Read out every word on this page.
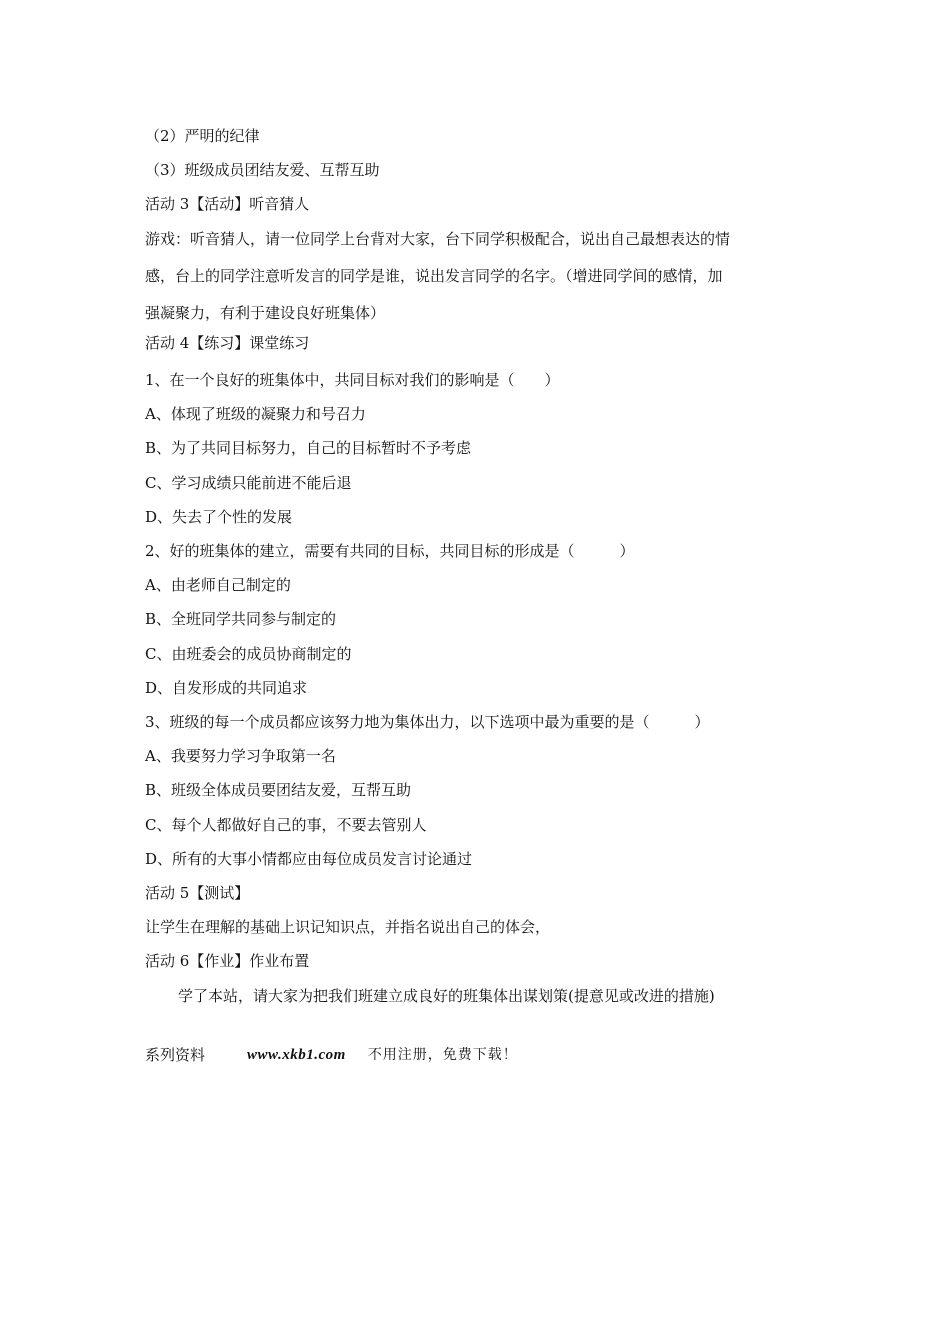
（2）严明的纪律
（3）班级成员团结友爱、互帮互助
活动 3【活动】听音猜人
游戏：听音猜人，请一位同学上台背对大家，台下同学积极配合，说出自己最想表达的情
感，台上的同学注意听发言的同学是谁，说出发言同学的名字。（增进同学间的感情，加
强凝聚力，有利于建设良好班集体）
活动 4【练习】课堂练习
1、在一个良好的班集体中，共同目标对我们的影响是（　　）
A、体现了班级的凝聚力和号召力
B、为了共同目标努力，自己的目标暂时不予考虑
C、学习成绩只能前进不能后退
D、失去了个性的发展
2、好的班集体的建立，需要有共同的目标，共同目标的形成是（　　　）
A、由老师自己制定的
B、全班同学共同参与制定的
C、由班委会的成员协商制定的
D、自发形成的共同追求
3、班级的每一个成员都应该努力地为集体出力，以下选项中最为重要的是（　　　）
A、我要努力学习争取第一名
B、班级全体成员要团结友爱，互帮互助
C、每个人都做好自己的事，不要去管别人
D、所有的大事小情都应由每位成员发言讨论通过
活动 5【测试】
让学生在理解的基础上识记知识点，并指名说出自己的体会，
活动 6【作业】作业布置
学了本站，请大家为把我们班建立成良好的班集体出谋划策(提意见或改进的措施)
系列资料	www.xkb1.com 不用注册，免费下载！
